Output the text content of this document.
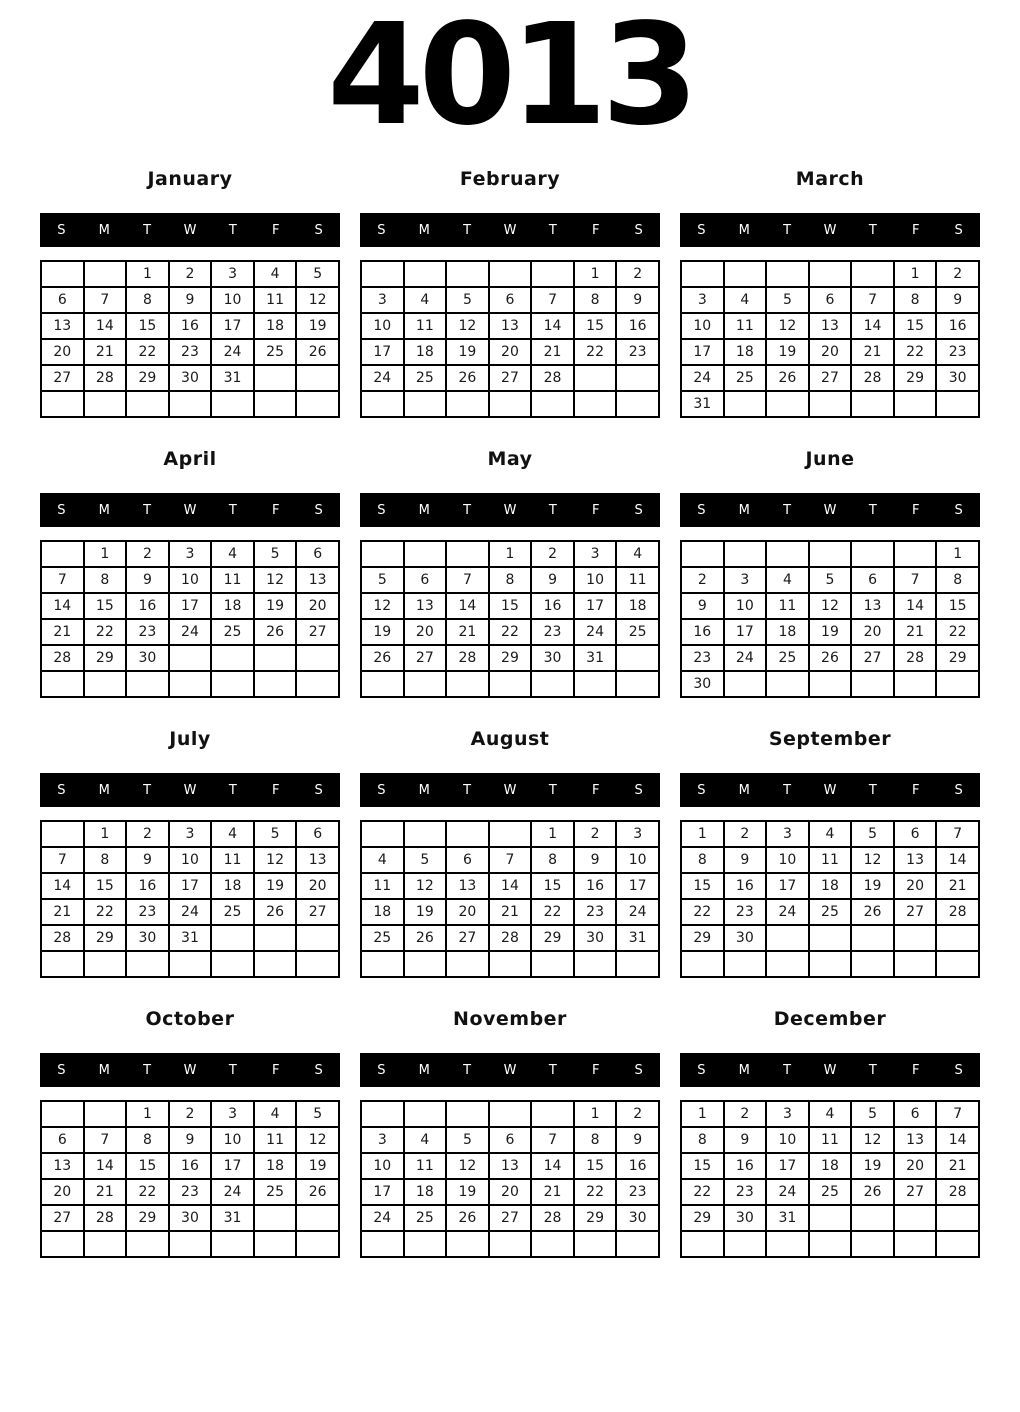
4013
January
S	M	T	W	T	F	S
		1	2	3	4	5
6	7	8	9	10	11	12
13	14	15	16	17	18	19
20	21	22	23	24	25	26
27	28	29	30	31		

February
S	M	T	W	T	F	S
					1	2
3	4	5	6	7	8	9
10	11	12	13	14	15	16
17	18	19	20	21	22	23
24	25	26	27	28		

March
S	M	T	W	T	F	S
					1	2
3	4	5	6	7	8	9
10	11	12	13	14	15	16
17	18	19	20	21	22	23
24	25	26	27	28	29	30
31						
April
S	M	T	W	T	F	S
	1	2	3	4	5	6
7	8	9	10	11	12	13
14	15	16	17	18	19	20
21	22	23	24	25	26	27
28	29	30				

May
S	M	T	W	T	F	S
			1	2	3	4
5	6	7	8	9	10	11
12	13	14	15	16	17	18
19	20	21	22	23	24	25
26	27	28	29	30	31	

June
S	M	T	W	T	F	S
						1
2	3	4	5	6	7	8
9	10	11	12	13	14	15
16	17	18	19	20	21	22
23	24	25	26	27	28	29
30						
July
S	M	T	W	T	F	S
	1	2	3	4	5	6
7	8	9	10	11	12	13
14	15	16	17	18	19	20
21	22	23	24	25	26	27
28	29	30	31			

August
S	M	T	W	T	F	S
				1	2	3
4	5	6	7	8	9	10
11	12	13	14	15	16	17
18	19	20	21	22	23	24
25	26	27	28	29	30	31

September
S	M	T	W	T	F	S
1	2	3	4	5	6	7
8	9	10	11	12	13	14
15	16	17	18	19	20	21
22	23	24	25	26	27	28
29	30					

October
S	M	T	W	T	F	S
		1	2	3	4	5
6	7	8	9	10	11	12
13	14	15	16	17	18	19
20	21	22	23	24	25	26
27	28	29	30	31		

November
S	M	T	W	T	F	S
					1	2
3	4	5	6	7	8	9
10	11	12	13	14	15	16
17	18	19	20	21	22	23
24	25	26	27	28	29	30

December
S	M	T	W	T	F	S
1	2	3	4	5	6	7
8	9	10	11	12	13	14
15	16	17	18	19	20	21
22	23	24	25	26	27	28
29	30	31				
